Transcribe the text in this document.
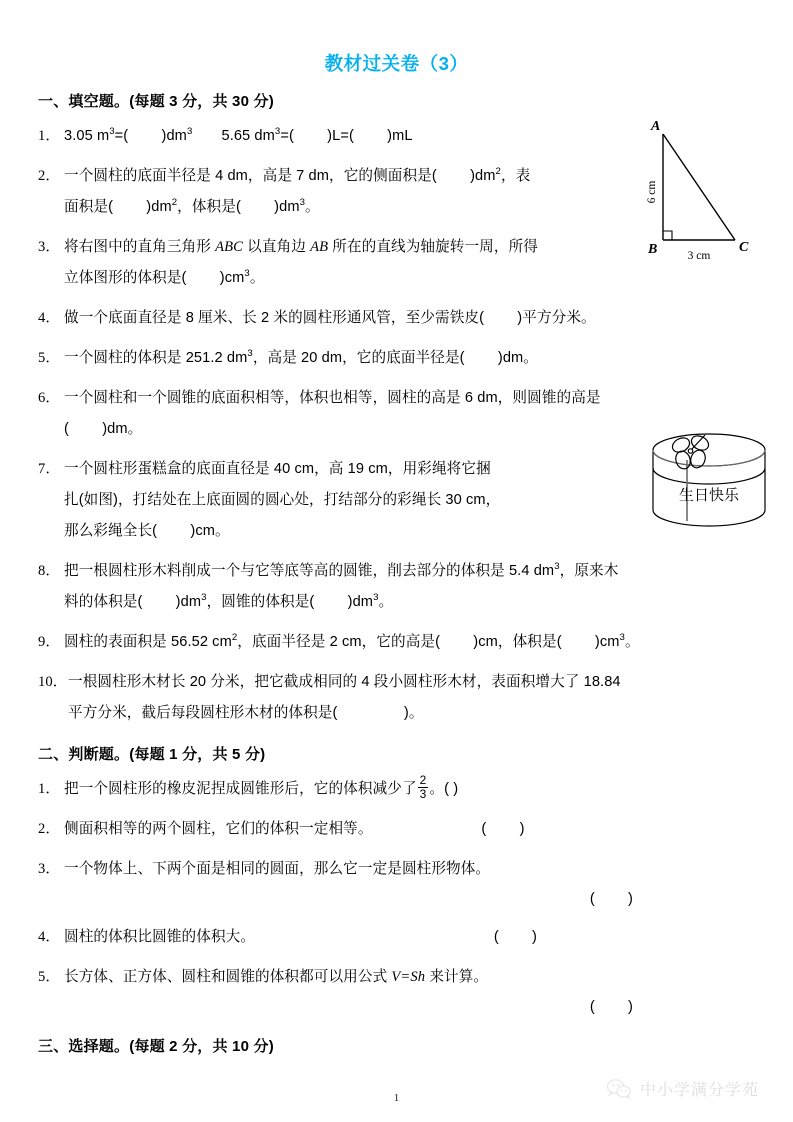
教材过关卷（3）
一、填空题。(每题 3 分，共 30 分)
1． 3.05 $m^3=$(        )$dm^3$       5.65 $dm^3=$(        )L=(        )mL
2． 一个圆柱的底面半径是 4 dm，高是 7 dm，它的侧面积是(        )$dm^2$，表
面积是(        )$dm^2$，体积是(        )$dm^3$。
3． 将右图中的直角三角形 ABC 以直角边 AB 所在的直线为轴旋转一周，所得
立体图形的体积是(        )$cm^3$。
4． 做一个底面直径是 8 厘米、长 2 米的圆柱形通风管，至少需铁皮(        )平方分米。
5． 一个圆柱的体积是 251.2 $dm^3$，高是 20 dm，它的底面半径是(        )dm。
6． 一个圆柱和一个圆锥的底面积相等，体积也相等，圆柱的高是 6 dm，则圆锥的高是
(        )dm。
7． 一个圆柱形蛋糕盒的底面直径是 40 cm，高 19 cm，用彩绳将它捆
扎(如图)，打结处在上底面圆的圆心处，打结部分的彩绳长 30 cm，
那么彩绳全长(        )cm。
8． 把一根圆柱形木料削成一个与它等底等高的圆锥，削去部分的体积是 5.4 $dm^3$，原来木
料的体积是(        )$dm^3$，圆锥的体积是(        )$dm^3$。
9． 圆柱的表面积是 56.52 $cm^2$，底面半径是 2 cm，它的高是(        )cm，体积是(        )$cm^3$。
10． 一根圆柱形木材长 20 分米，把它截成相同的 4 段小圆柱形木材，表面积增大了 18.84
平方分米，截后每段圆柱形木材的体积是(                )。
二、判断题。(每题 1 分，共 5 分)
1． 把一个圆柱形的橡皮泥捏成圆锥形后，它的体积减少了 $\frac{2}{3}$ 。( )
2． 侧面积相等的两个圆柱，它们的体积一定相等。	(        )
3． 一个物体上、下两个面是相同的圆面，那么它一定是圆柱形物体。
(        )
4． 圆柱的体积比圆锥的体积大。	(        )
5． 长方体、正方体、圆柱和圆锥的体积都可以用公式 V=Sh 来计算。
(        )
三、选择题。(每题 2 分，共 10 分)
A
B	C
6 cm
3 cm
生日快乐
1	中小学满分学苑
